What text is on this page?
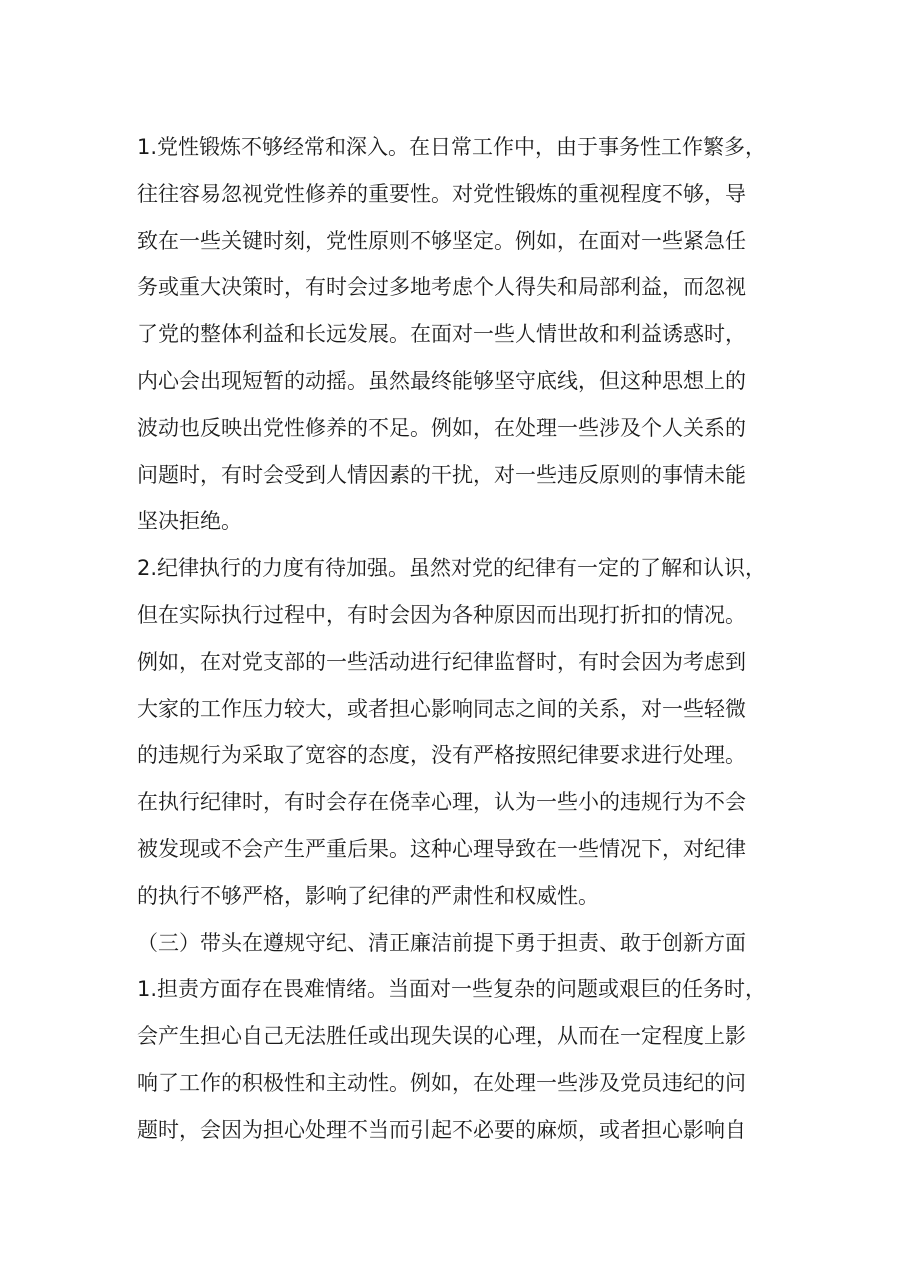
1.党性锻炼不够经常和深入。在日常工作中，由于事务性工作繁多，
往往容易忽视党性修养的重要性。对党性锻炼的重视程度不够，导
致在一些关键时刻，党性原则不够坚定。例如，在面对一些紧急任
务或重大决策时，有时会过多地考虑个人得失和局部利益，而忽视
了党的整体利益和长远发展。在面对一些人情世故和利益诱惑时，
内心会出现短暂的动摇。虽然最终能够坚守底线，但这种思想上的
波动也反映出党性修养的不足。例如，在处理一些涉及个人关系的
问题时，有时会受到人情因素的干扰，对一些违反原则的事情未能
坚决拒绝。
2.纪律执行的力度有待加强。虽然对党的纪律有一定的了解和认识，
但在实际执行过程中，有时会因为各种原因而出现打折扣的情况。
例如，在对党支部的一些活动进行纪律监督时，有时会因为考虑到
大家的工作压力较大，或者担心影响同志之间的关系，对一些轻微
的违规行为采取了宽容的态度，没有严格按照纪律要求进行处理。
在执行纪律时，有时会存在侥幸心理，认为一些小的违规行为不会
被发现或不会产生严重后果。这种心理导致在一些情况下，对纪律
的执行不够严格，影响了纪律的严肃性和权威性。
（三）带头在遵规守纪、清正廉洁前提下勇于担责、敢于创新方面
1.担责方面存在畏难情绪。当面对一些复杂的问题或艰巨的任务时，
会产生担心自己无法胜任或出现失误的心理，从而在一定程度上影
响了工作的积极性和主动性。例如，在处理一些涉及党员违纪的问
题时，会因为担心处理不当而引起不必要的麻烦，或者担心影响自
